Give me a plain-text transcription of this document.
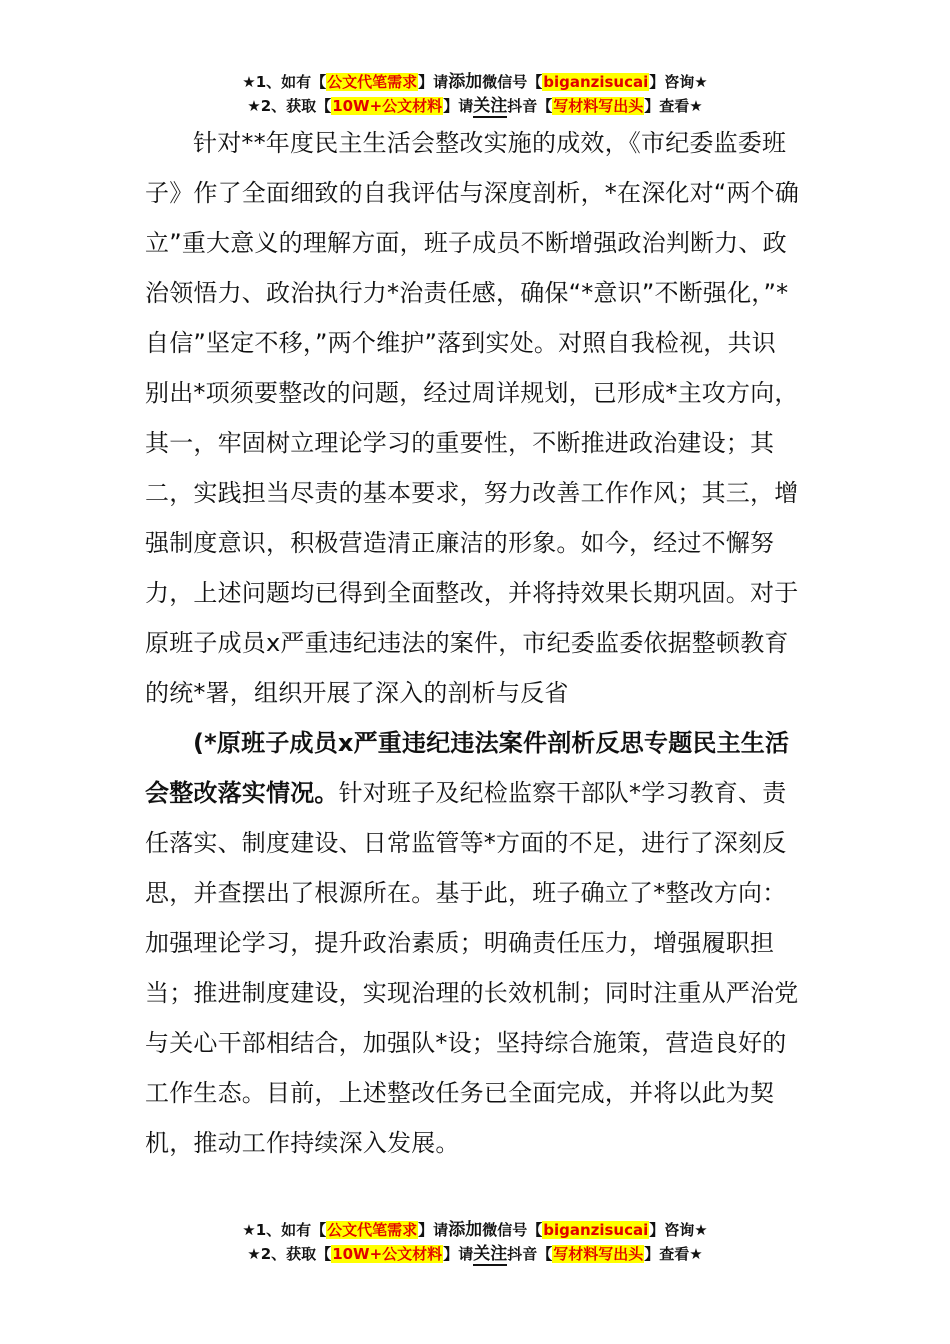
★1、如有【公文代笔需求】请添加微信号【biganzisucai】咨询★
★2、获取【10W+公文材料】请关注抖音【写材料写出头】查看★

针对**年度民主生活会整改实施的成效，《市纪委监委班子》作了全面细致的自我评估与深度剖析，*在深化对“两个确立”重大意义的理解方面，班子成员不断增强政治判断力、政治领悟力、政治执行力*治责任感，确保“*意识”不断强化，”*自信”坚定不移，”两个维护”落到实处。对照自我检视，共识别出*项须要整改的问题，经过周详规划，已形成*主攻方向，其一，牢固树立理论学习的重要性，不断推进政治建设；其二，实践担当尽责的基本要求，努力改善工作作风；其三，增强制度意识，积极营造清正廉洁的形象。如今，经过不懈努力，上述问题均已得到全面整改，并将持效果长期巩固。对于原班子成员x严重违纪违法的案件，市纪委监委依据整顿教育的统*署，组织开展了深入的剖析与反省

(*原班子成员x严重违纪违法案件剖析反思专题民主生活会整改落实情况。针对班子及纪检监察干部队*学习教育、责任落实、制度建设、日常监管等*方面的不足，进行了深刻反思，并查摆出了根源所在。基于此，班子确立了*整改方向：加强理论学习，提升政治素质；明确责任压力，增强履职担当；推进制度建设，实现治理的长效机制；同时注重从严治党与关心干部相结合，加强队*设；坚持综合施策，营造良好的工作生态。目前，上述整改任务已全面完成，并将以此为契机，推动工作持续深入发展。

★1、如有【公文代笔需求】请添加微信号【biganzisucai】咨询★
★2、获取【10W+公文材料】请关注抖音【写材料写出头】查看★
